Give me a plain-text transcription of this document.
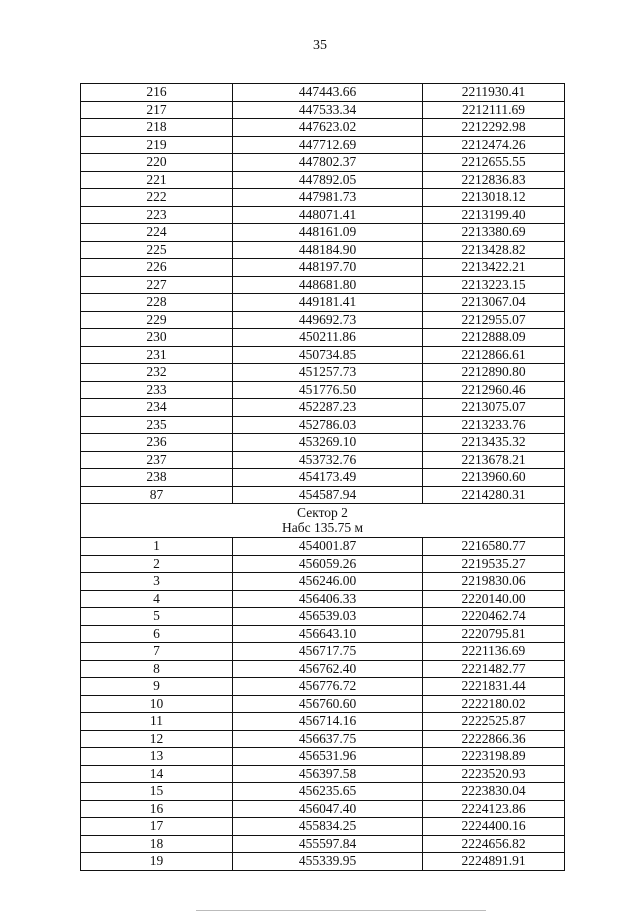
35
216	447443.66	2211930.41
217	447533.34	2212111.69
218	447623.02	2212292.98
219	447712.69	2212474.26
220	447802.37	2212655.55
221	447892.05	2212836.83
222	447981.73	2213018.12
223	448071.41	2213199.40
224	448161.09	2213380.69
225	448184.90	2213428.82
226	448197.70	2213422.21
227	448681.80	2213223.15
228	449181.41	2213067.04
229	449692.73	2212955.07
230	450211.86	2212888.09
231	450734.85	2212866.61
232	451257.73	2212890.80
233	451776.50	2212960.46
234	452287.23	2213075.07
235	452786.03	2213233.76
236	453269.10	2213435.32
237	453732.76	2213678.21
238	454173.49	2213960.60
87	454587.94	2214280.31

Сектор 2
Набс 135.75 м		

1	454001.87	2216580.77
2	456059.26	2219535.27
3	456246.00	2219830.06
4	456406.33	2220140.00
5	456539.03	2220462.74
6	456643.10	2220795.81
7	456717.75	2221136.69
8	456762.40	2221482.77
9	456776.72	2221831.44
10	456760.60	2222180.02
11	456714.16	2222525.87
12	456637.75	2222866.36
13	456531.96	2223198.89
14	456397.58	2223520.93
15	456235.65	2223830.04
16	456047.40	2224123.86
17	455834.25	2224400.16
18	455597.84	2224656.82
19	455339.95	2224891.91
